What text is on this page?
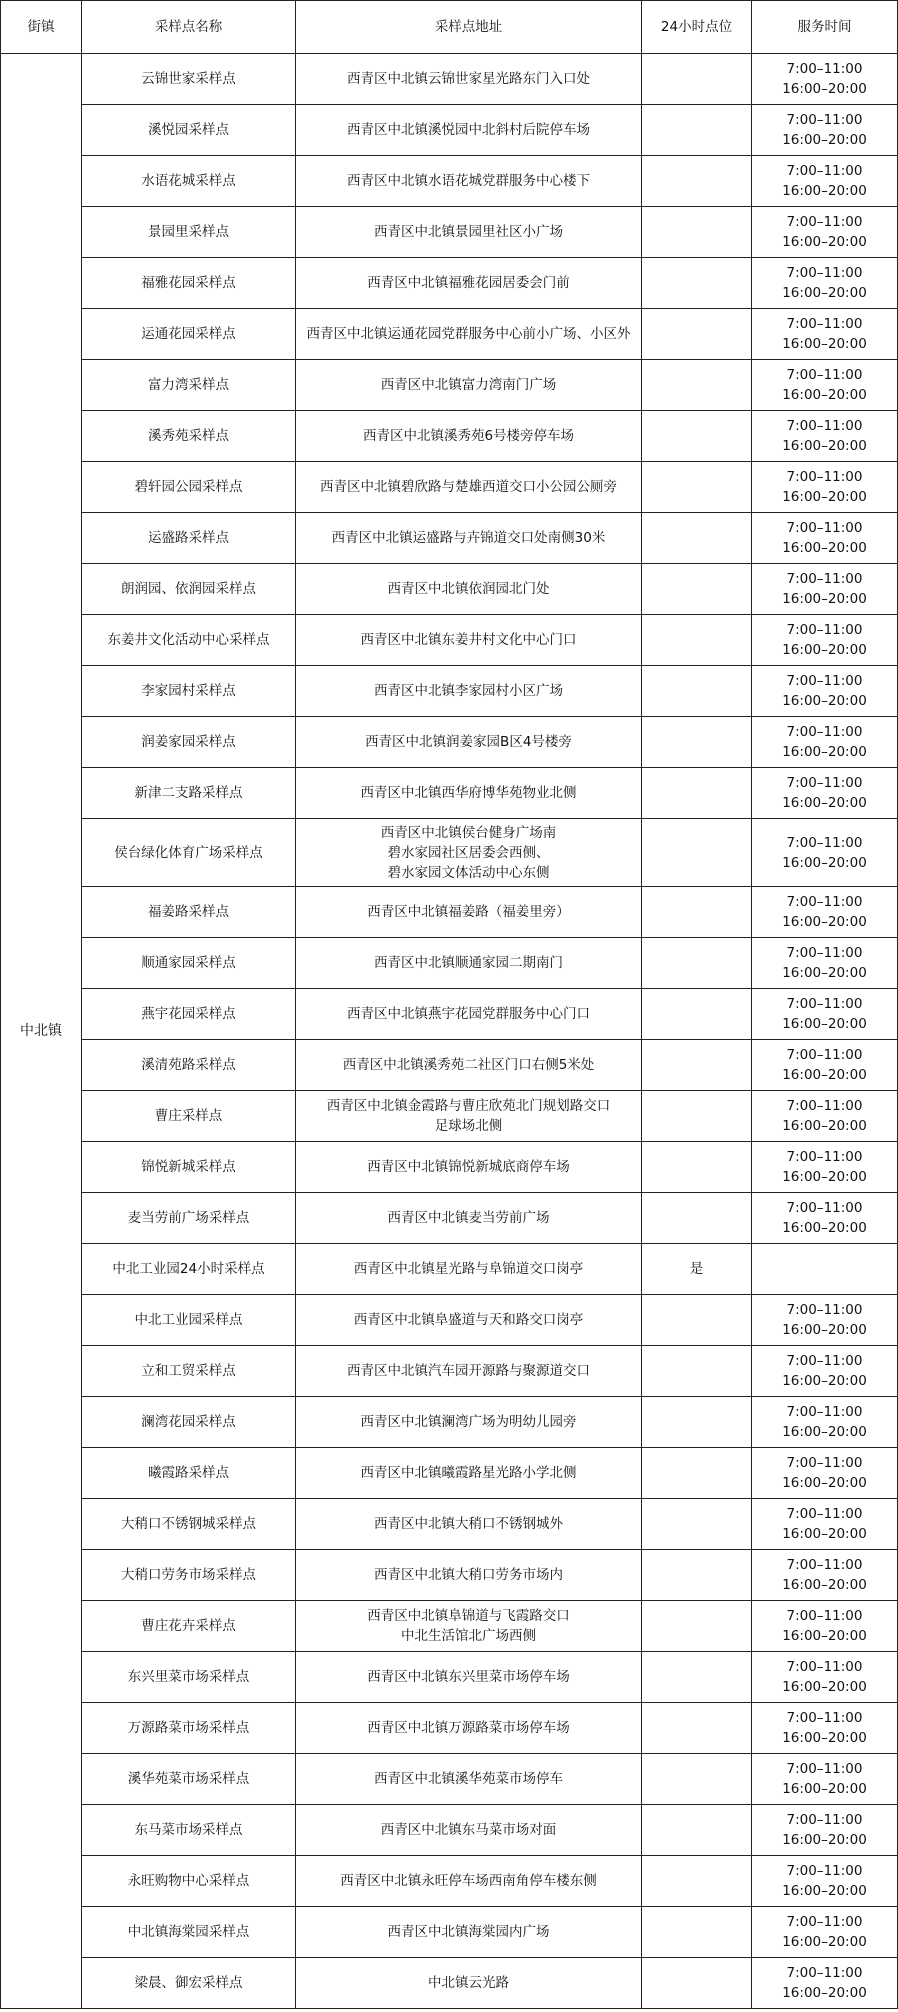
街镇	采样点名称	采样点地址	24小时点位	服务时间
中北镇	云锦世家采样点	西青区中北镇云锦世家星光路东门入口处		7:00–11:00
16:00–20:00

	溪悦园采样点	西青区中北镇溪悦园中北斜村后院停车场		7:00–11:00
16:00–20:00

	水语花城采样点	西青区中北镇水语花城党群服务中心楼下		7:00–11:00
16:00–20:00

	景园里采样点	西青区中北镇景园里社区小广场		7:00–11:00
16:00–20:00

	福雅花园采样点	西青区中北镇福雅花园居委会门前		7:00–11:00
16:00–20:00

	运通花园采样点	西青区中北镇运通花园党群服务中心前小广场、小区外		7:00–11:00
16:00–20:00

	富力湾采样点	西青区中北镇富力湾南门广场		7:00–11:00
16:00–20:00

	溪秀苑采样点	西青区中北镇溪秀苑6号楼旁停车场		7:00–11:00
16:00–20:00

	碧轩园公园采样点	西青区中北镇碧欣路与楚雄西道交口小公园公厕旁		7:00–11:00
16:00–20:00

	运盛路采样点	西青区中北镇运盛路与卉锦道交口处南侧30米		7:00–11:00
16:00–20:00

	朗润园、依润园采样点	西青区中北镇依润园北门处		7:00–11:00
16:00–20:00

	东姜井文化活动中心采样点	西青区中北镇东姜井村文化中心门口		7:00–11:00
16:00–20:00

	李家园村采样点	西青区中北镇李家园村小区广场		7:00–11:00
16:00–20:00

	润姜家园采样点	西青区中北镇润姜家园B区4号楼旁		7:00–11:00
16:00–20:00

	新津二支路采样点	西青区中北镇西华府博华苑物业北侧		7:00–11:00
16:00–20:00

	侯台绿化体育广场采样点	西青区中北镇侯台健身广场南
碧水家园社区居委会西侧、
碧水家园文体活动中心东侧		7:00–11:00
16:00–20:00

	福姜路采样点	西青区中北镇福姜路（福姜里旁）		7:00–11:00
16:00–20:00

	顺通家园采样点	西青区中北镇顺通家园二期南门		7:00–11:00
16:00–20:00

	燕宇花园采样点	西青区中北镇燕宇花园党群服务中心门口		7:00–11:00
16:00–20:00

	溪清苑路采样点	西青区中北镇溪秀苑二社区门口右侧5米处		7:00–11:00
16:00–20:00

	曹庄采样点	西青区中北镇金霞路与曹庄欣苑北门规划路交口
足球场北侧		7:00–11:00
16:00–20:00

	锦悦新城采样点	西青区中北镇锦悦新城底商停车场		7:00–11:00
16:00–20:00

	麦当劳前广场采样点	西青区中北镇麦当劳前广场		7:00–11:00
16:00–20:00

	中北工业园24小时采样点	西青区中北镇星光路与阜锦道交口岗亭	是	
	中北工业园采样点	西青区中北镇阜盛道与天和路交口岗亭		7:00–11:00
16:00–20:00

	立和工贸采样点	西青区中北镇汽车园开源路与聚源道交口		7:00–11:00
16:00–20:00

	澜湾花园采样点	西青区中北镇澜湾广场为明幼儿园旁		7:00–11:00
16:00–20:00

	曦霞路采样点	西青区中北镇曦霞路星光路小学北侧		7:00–11:00
16:00–20:00

	大稍口不锈钢城采样点	西青区中北镇大稍口不锈钢城外		7:00–11:00
16:00–20:00

	大稍口劳务市场采样点	西青区中北镇大稍口劳务市场内		7:00–11:00
16:00–20:00

	曹庄花卉采样点	西青区中北镇阜锦道与飞霞路交口
中北生活馆北广场西侧		7:00–11:00
16:00–20:00

	东兴里菜市场采样点	西青区中北镇东兴里菜市场停车场		7:00–11:00
16:00–20:00

	万源路菜市场采样点	西青区中北镇万源路菜市场停车场		7:00–11:00
16:00–20:00

	溪华苑菜市场采样点	西青区中北镇溪华苑菜市场停车		7:00–11:00
16:00–20:00

	东马菜市场采样点	西青区中北镇东马菜市场对面		7:00–11:00
16:00–20:00

	永旺购物中心采样点	西青区中北镇永旺停车场西南角停车楼东侧		7:00–11:00
16:00–20:00

	中北镇海棠园采样点	西青区中北镇海棠园内广场		7:00–11:00
16:00–20:00

	梁晨、御宏采样点	中北镇云光路		7:00–11:00
16:00–20:00
